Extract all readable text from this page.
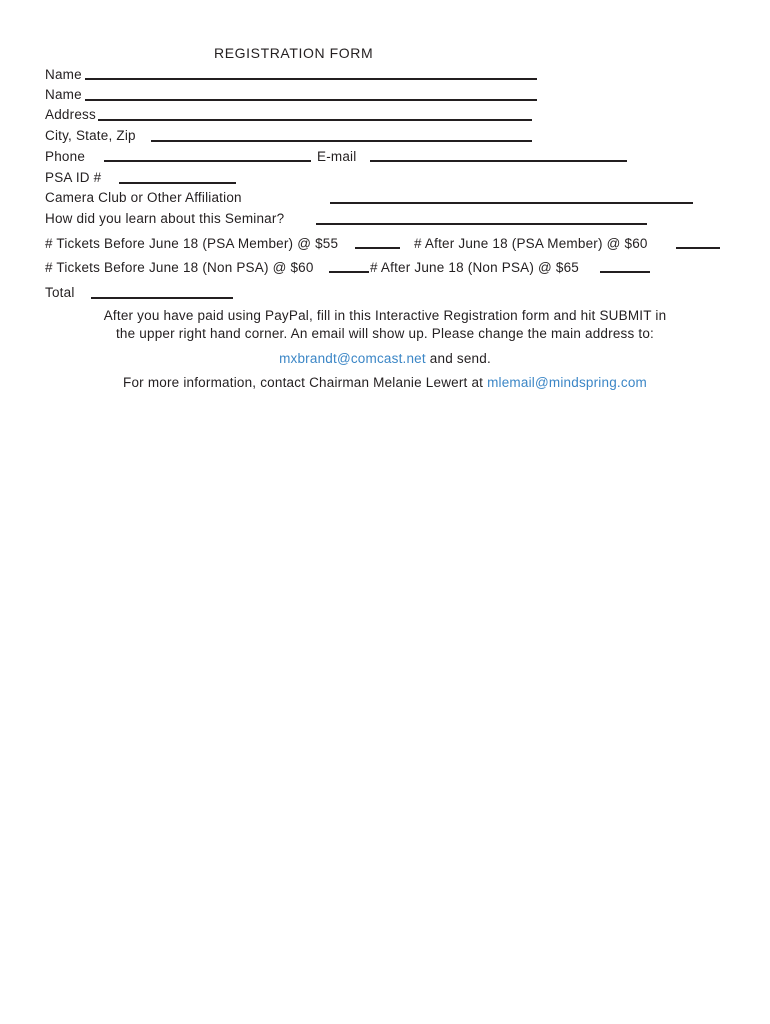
REGISTRATION FORM
Name
Name
Address
City, State, Zip
Phone	E-mail
PSA ID #
Camera Club or Other Affiliation
How did you learn about this Seminar?
# Tickets Before June 18 (PSA Member) @ $55	# After June 18 (PSA Member) @ $60
# Tickets Before June 18 (Non PSA) @ $60	# After June 18 (Non PSA) @ $65
Total
After you have paid using PayPal, fill in this Interactive Registration form and hit SUBMIT in
the upper right hand corner. An email will show up. Please change the main address to:
mxbrandt@comcast.net and send.
For more information, contact Chairman Melanie Lewert at mlemail@mindspring.com
